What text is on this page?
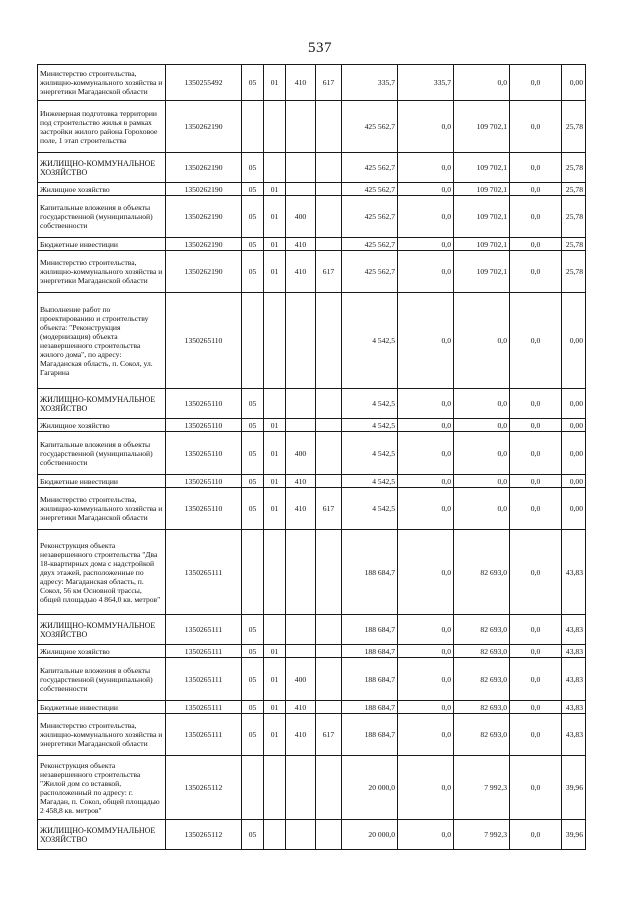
537
Министерство строительства, жилищно-коммунального хозяйства и энергетики Магаданской области	1350255492	05	01	410	617	335,7	335,7	0,0	0,0	0,00
Инженерная подготовка территории под строительство жилья в рамках застройки жилого района Гороховое поле, 1 этап строительства	1350262190					425 562,7	0,0	109 702,1	0,0	25,78
ЖИЛИЩНО-КОММУНАЛЬНОЕ ХОЗЯЙСТВО	1350262190	05				425 562,7	0,0	109 702,1	0,0	25,78
Жилищное хозяйство	1350262190	05	01			425 562,7	0,0	109 702,1	0,0	25,78
Капитальные вложения в объекты государственной (муниципальной) собственности	1350262190	05	01	400		425 562,7	0,0	109 702,1	0,0	25,78
Бюджетные инвестиции	1350262190	05	01	410		425 562,7	0,0	109 702,1	0,0	25,78
Министерство строительства, жилищно-коммунального хозяйства и энергетики Магаданской области	1350262190	05	01	410	617	425 562,7	0,0	109 702,1	0,0	25,78
Выполнение работ по проектированию и строительству объекта: "Реконструкция (модернизация) объекта незавершенного строительства жилого дома", по адресу: Магаданская область, п. Сокол, ул. Гагарина	1350265110					4 542,5	0,0	0,0	0,0	0,00
ЖИЛИЩНО-КОММУНАЛЬНОЕ ХОЗЯЙСТВО	1350265110	05				4 542,5	0,0	0,0	0,0	0,00
Жилищное хозяйство	1350265110	05	01			4 542,5	0,0	0,0	0,0	0,00
Капитальные вложения в объекты государственной (муниципальной) собственности	1350265110	05	01	400		4 542,5	0,0	0,0	0,0	0,00
Бюджетные инвестиции	1350265110	05	01	410		4 542,5	0,0	0,0	0,0	0,00
Министерство строительства, жилищно-коммунального хозяйства и энергетики Магаданской области	1350265110	05	01	410	617	4 542,5	0,0	0,0	0,0	0,00
Реконструкция объекта незавершенного строительства "Два 18-квартирных дома с надстройкой двух этажей, расположенные по адресу: Магаданская область, п. Сокол, 56 км Основной трассы, общей площадью 4 864,0 кв. метров"	1350265111					188 684,7	0,0	82 693,0	0,0	43,83
ЖИЛИЩНО-КОММУНАЛЬНОЕ ХОЗЯЙСТВО	1350265111	05				188 684,7	0,0	82 693,0	0,0	43,83
Жилищное хозяйство	1350265111	05	01			188 684,7	0,0	82 693,0	0,0	43,83
Капитальные вложения в объекты государственной (муниципальной) собственности	1350265111	05	01	400		188 684,7	0,0	82 693,0	0,0	43,83
Бюджетные инвестиции	1350265111	05	01	410		188 684,7	0,0	82 693,0	0,0	43,83
Министерство строительства, жилищно-коммунального хозяйства и энергетики Магаданской области	1350265111	05	01	410	617	188 684,7	0,0	82 693,0	0,0	43,83
Реконструкция объекта незавершенного строительства "Жилой дом со вставкой, расположенный по адресу: г. Магадан, п. Сокол, общей площадью 2 458,8 кв. метров"	1350265112					20 000,0	0,0	7 992,3	0,0	39,96
ЖИЛИЩНО-КОММУНАЛЬНОЕ ХОЗЯЙСТВО	1350265112	05				20 000,0	0,0	7 992,3	0,0	39,96
